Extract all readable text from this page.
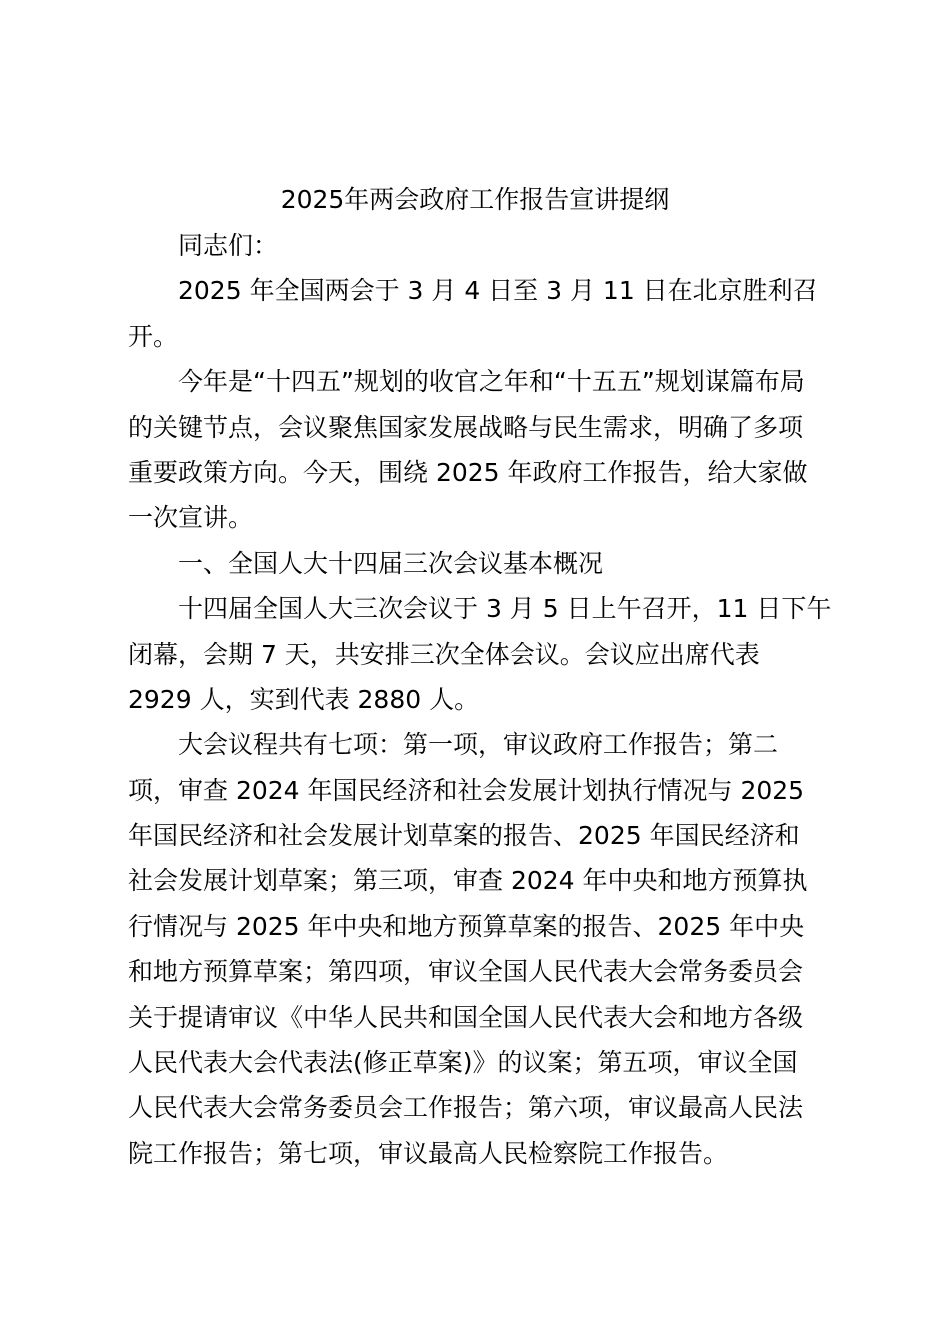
2025年两会政府工作报告宣讲提纲

同志们：

2025 年全国两会于 3 月 4 日至 3 月 11 日在北京胜利召
开。

今年是“十四五”规划的收官之年和“十五五”规划谋篇布局
的关键节点，会议聚焦国家发展战略与民生需求，明确了多项
重要政策方向。今天，围绕 2025 年政府工作报告，给大家做
一次宣讲。

一、全国人大十四届三次会议基本概况

十四届全国人大三次会议于 3 月 5 日上午召开，11 日下午
闭幕，会期 7 天，共安排三次全体会议。会议应出席代表
2929 人，实到代表 2880 人。

大会议程共有七项：第一项，审议政府工作报告；第二
项，审查 2024 年国民经济和社会发展计划执行情况与 2025
年国民经济和社会发展计划草案的报告、2025 年国民经济和
社会发展计划草案；第三项，审查 2024 年中央和地方预算执
行情况与 2025 年中央和地方预算草案的报告、2025 年中央
和地方预算草案；第四项，审议全国人民代表大会常务委员会
关于提请审议《中华人民共和国全国人民代表大会和地方各级
人民代表大会代表法(修正草案)》的议案；第五项，审议全国
人民代表大会常务委员会工作报告；第六项，审议最高人民法
院工作报告；第七项，审议最高人民检察院工作报告。
